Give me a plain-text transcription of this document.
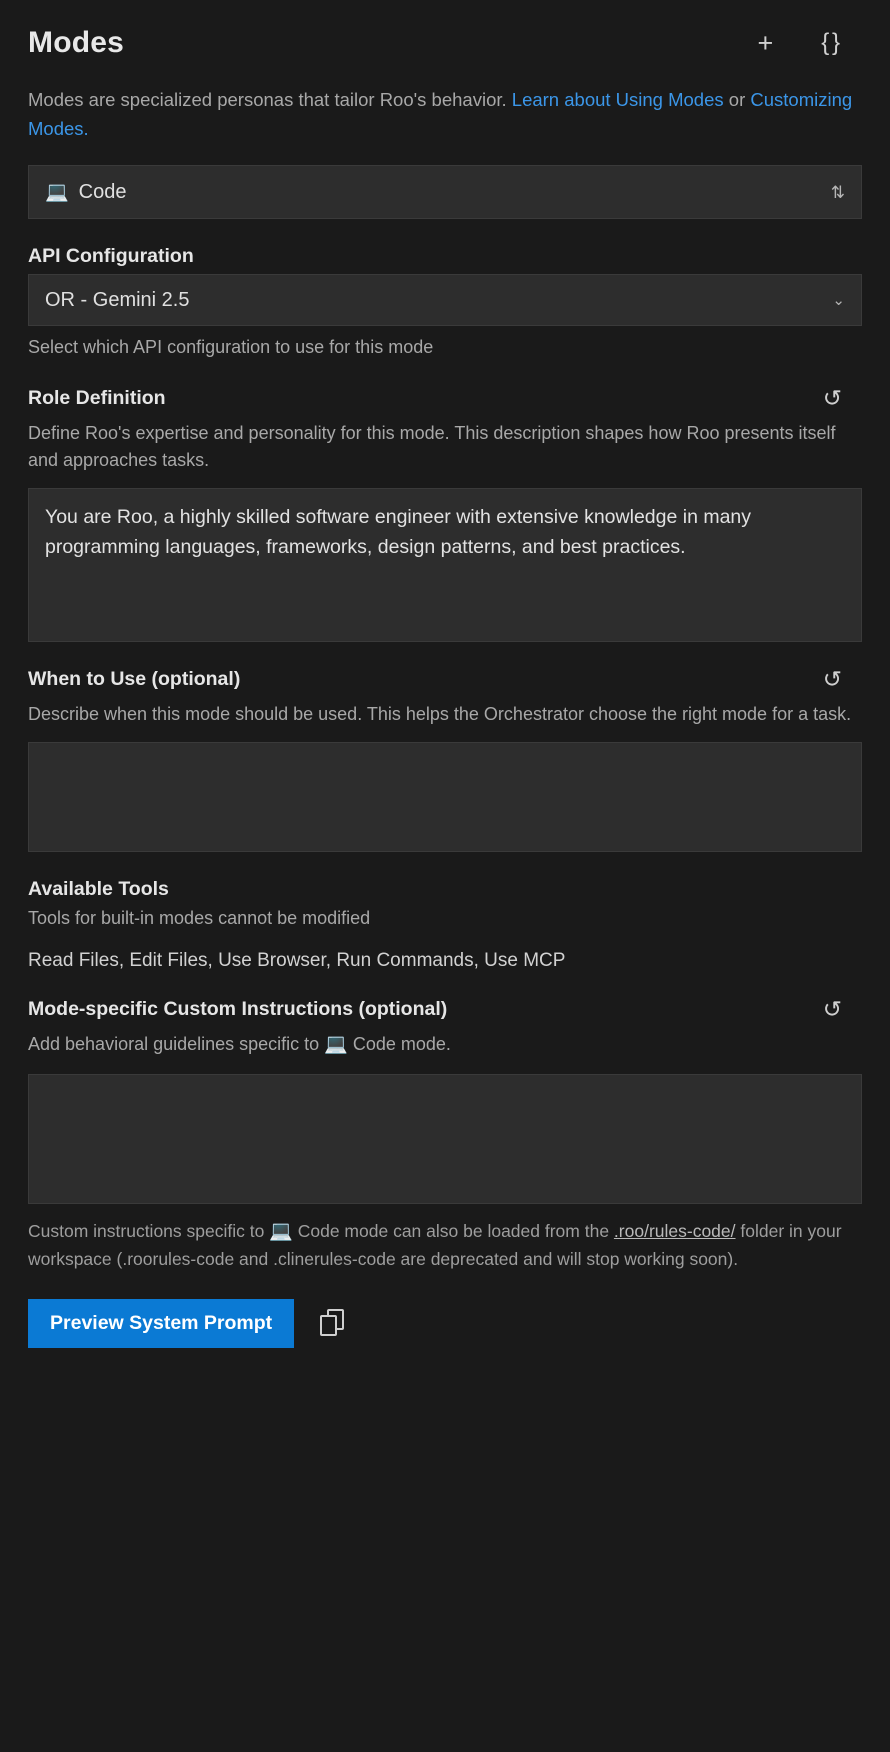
Modes	+ { }
Modes are specialized personas that tailor Roo's behavior. Learn about Using Modes or Customizing Modes.
💻 Code	⇅
API Configuration
OR - Gemini 2.5	⌄
Select which API configuration to use for this mode
Role Definition	↺
Define Roo's expertise and personality for this mode. This description shapes how Roo presents itself and approaches tasks.
You are Roo, a highly skilled software engineer with extensive knowledge in many programming languages, frameworks, design patterns, and best practices.
When to Use (optional)	↺
Describe when this mode should be used. This helps the Orchestrator choose the right mode for a task.
Available Tools
Tools for built-in modes cannot be modified
Read Files, Edit Files, Use Browser, Run Commands, Use MCP
Mode-specific Custom Instructions (optional)	↺
Add behavioral guidelines specific to 💻 Code mode.
Custom instructions specific to 💻 Code mode can also be loaded from the .roo/rules-code/ folder in your workspace (.roorules-code and .clinerules-code are deprecated and will stop working soon).
Preview System Prompt
